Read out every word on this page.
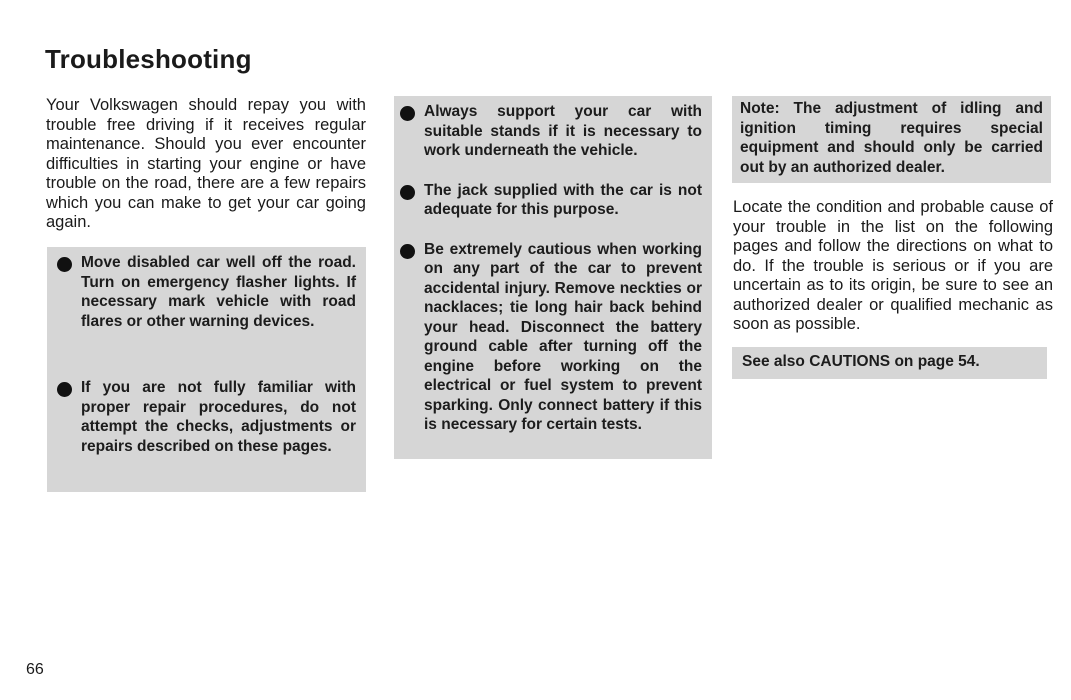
Troubleshooting
Your Volkswagen should repay you with trouble free driving if it receives regular maintenance. Should you ever encounter difficulties in starting your engine or have trouble on the road, there are a few repairs which you can make to get your car going again.
Move disabled car well off the road. Turn on emergency flasher lights. If necessary mark vehicle with road flares or other warning devices.
If you are not fully familiar with proper repair procedures, do not attempt the checks, adjustments or repairs described on these pages.
Always support your car with suitable stands if it is necessary to work underneath the vehicle.
The jack supplied with the car is not adequate for this purpose.
Be extremely cautious when working on any part of the car to prevent accidental injury. Remove neckties or nacklaces; tie long hair back behind your head. Disconnect the battery ground cable after turning off the engine before working on the electrical or fuel system to prevent sparking. Only connect battery if this is necessary for certain tests.
Note: The adjustment of idling and ignition timing requires special equipment and should only be carried out by an authorized dealer.
Locate the condition and probable cause of your trouble in the list on the following pages and follow the directions on what to do. If the trouble is serious or if you are uncertain as to its origin, be sure to see an authorized dealer or qualified mechanic as soon as possible.
See also CAUTIONS on page 54.
66
